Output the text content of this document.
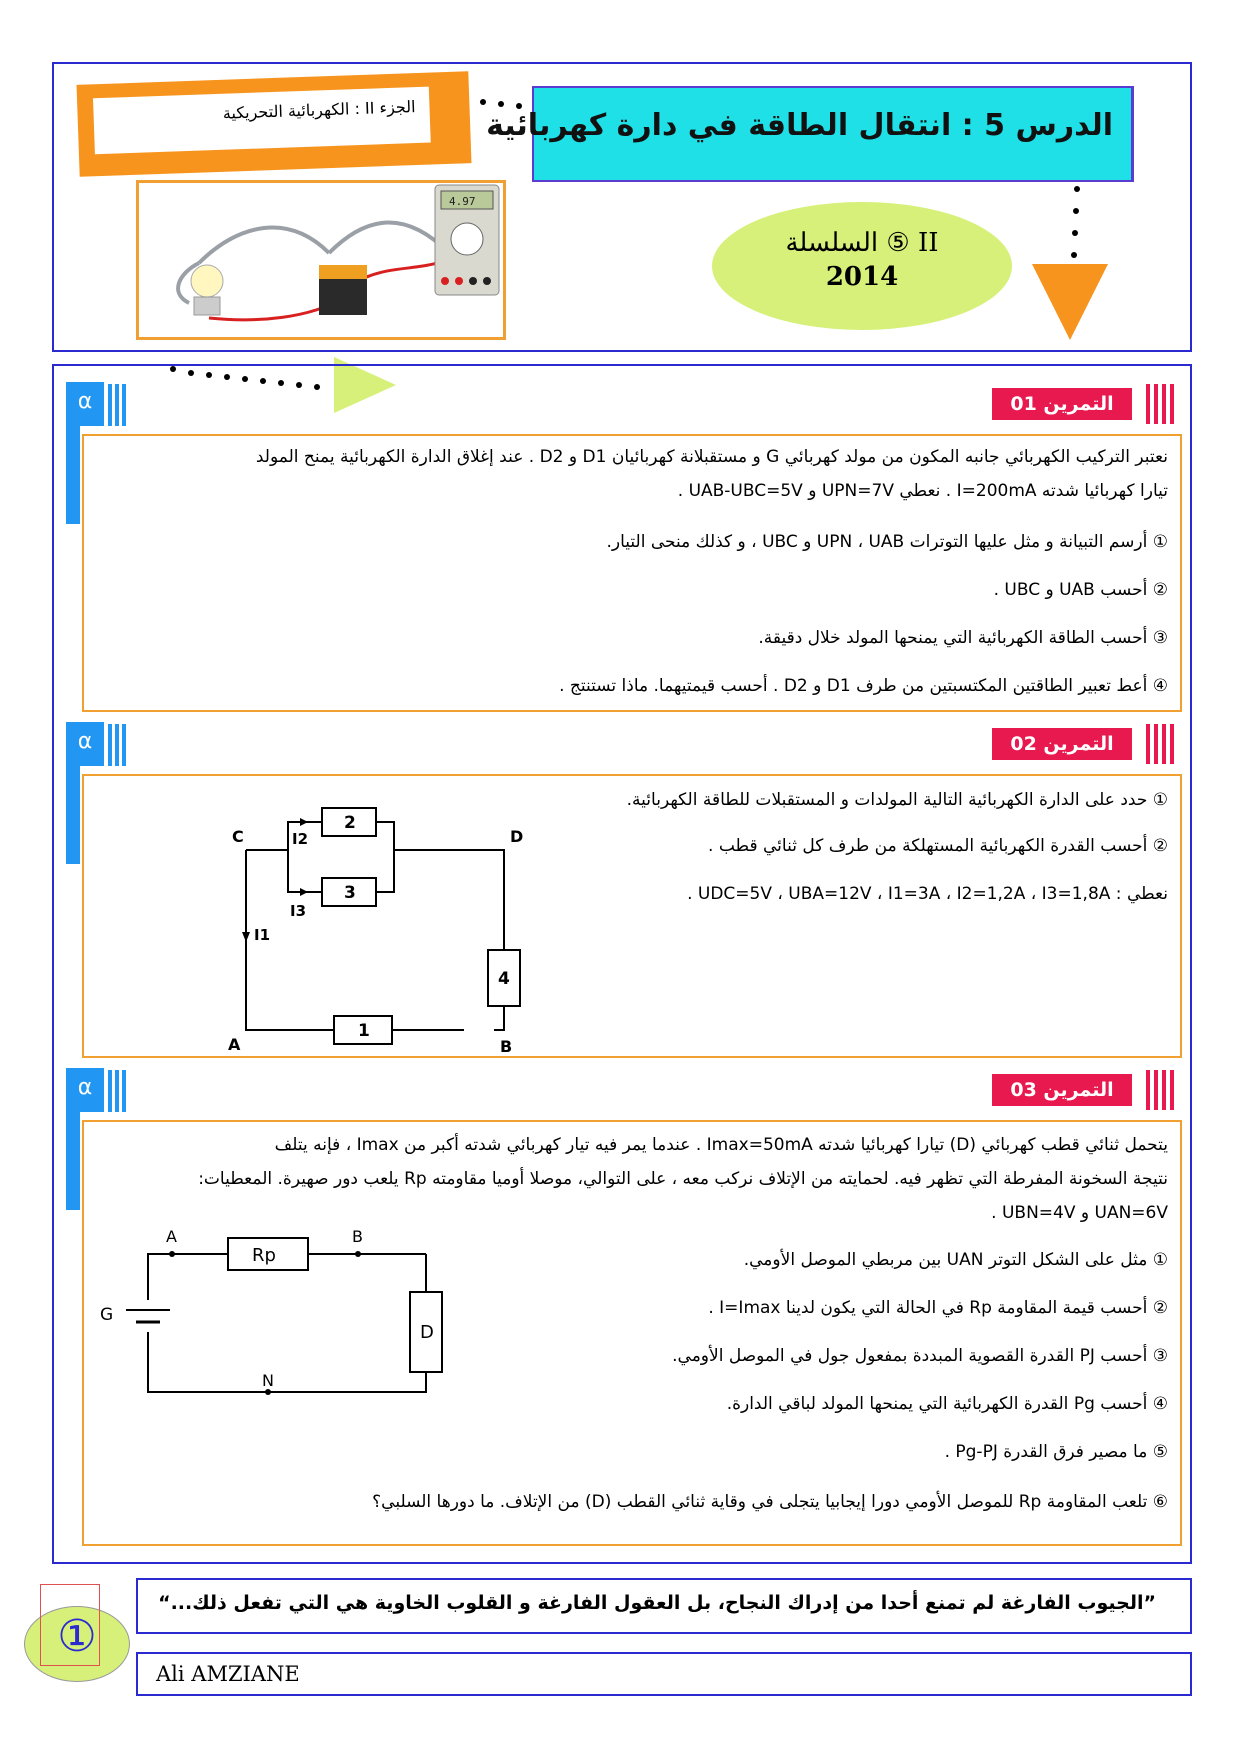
الجزء II : الكهربائية التحريكية
الدرس 5 : انتقال الطاقة في دارة كهربائية
4.97
السلسلة ⑤ II
2014
α	التمرين 01
نعتبر التركيب الكهربائي جانبه المكون من مولد كهربائي G و مستقبلانة كهربائيان D1 و D2 . عند إغلاق الدارة الكهربائية يمنح المولد
تيارا كهربائيا شدته I=200mA . نعطي UPN=7V و UAB-UBC=5V .
① أرسم التبيانة و مثل عليها التوترات UPN ، UAB و UBC ، و كذلك منحى التيار.
② أحسب UAB و UBC .
③ أحسب الطاقة الكهربائية التي يمنحها المولد خلال دقيقة.
④ أعط تعبير الطاقتين المكتسبتين من طرف D1 و D2 . أحسب قيمتيهما. ماذا تستنتج .
α	التمرين 02
① حدد على الدارة الكهربائية التالية المولدات و المستقبلات للطاقة الكهربائية.
② أحسب القدرة الكهربائية المستهلكة من طرف كل ثنائي قطب .
نعطي : UDC=5V ، UBA=12V ، I1=3A ، I2=1,2A ، I3=1,8A .
C	D
A	B
2
3
4
1
I1
I2
I3
α	التمرين 03
يتحمل ثنائي قطب كهربائي (D) تيارا كهربائيا شدته Imax=50mA . عندما يمر فيه تيار كهربائي شدته أكبر من Imax ، فإنه يتلف
نتيجة السخونة المفرطة التي تظهر فيه. لحمايته من الإتلاف نركب معه ، على التوالي، موصلا أوميا مقاومته Rp يلعب دور صهيرة. المعطيات:
UAN=6V و UBN=4V .
① مثل على الشكل التوتر UAN بين مربطي الموصل الأومي.
② أحسب قيمة المقاومة Rp في الحالة التي يكون لدينا I=Imax .
③ أحسب PJ القدرة القصوية المبددة بمفعول جول في الموصل الأومي.
④ أحسب Pg القدرة الكهربائية التي يمنحها المولد لباقي الدارة.
⑤ ما مصير فرق القدرة Pg-PJ .
⑥ تلعب المقاومة Rp للموصل الأومي دورا إيجابيا يتجلى في وقاية ثنائي القطب (D) من الإتلاف. ما دورها السلبي؟
A	B
N
G
Rp
D
”الجيوب الفارغة لم تمنع أحدا من إدراك النجاح، بل العقول الفارغة و القلوب الخاوية هي التي تفعل ذلك...“
Ali AMZIANE
①
